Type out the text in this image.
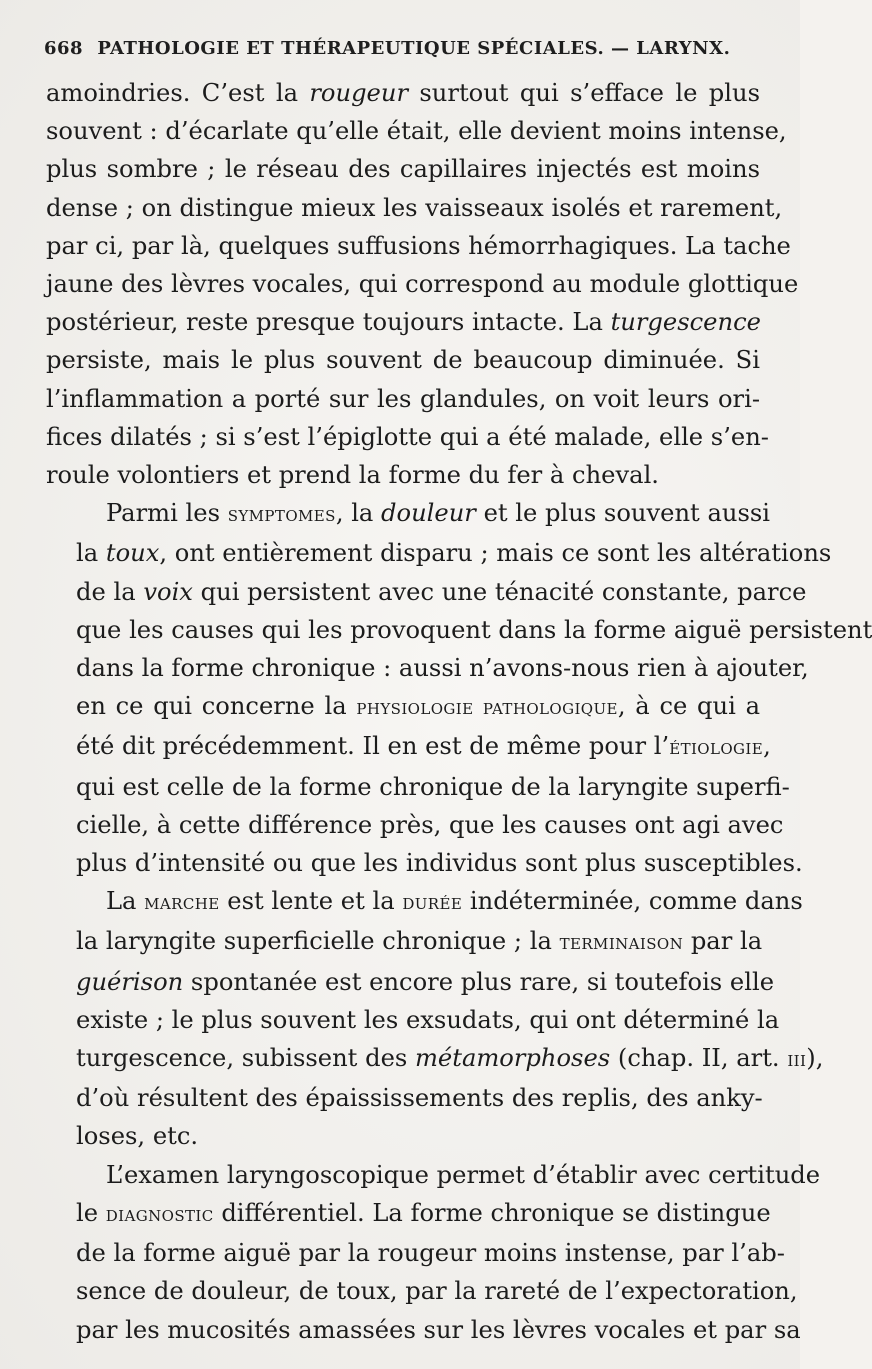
668 PATHOLOGIE ET THÉRAPEUTIQUE SPÉCIALES. — LARYNX.

amoindries. C’est la rougeur surtout qui s’efface le plus
souvent : d’écarlate qu’elle était, elle devient moins intense,
plus sombre ; le réseau des capillaires injectés est moins
dense ; on distingue mieux les vaisseaux isolés et rarement,
par ci, par là, quelques suffusions hémorrhagiques. La tache
jaune des lèvres vocales, qui correspond au module glottique
postérieur, reste presque toujours intacte. La turgescence
persiste, mais le plus souvent de beaucoup diminuée. Si
l’inflammation a porté sur les glandules, on voit leurs ori-
fices dilatés ; si s’est l’épiglotte qui a été malade, elle s’en-
roule volontiers et prend la forme du fer à cheval.

Parmi les symptomes, la douleur et le plus souvent aussi
la toux, ont entièrement disparu ; mais ce sont les altérations
de la voix qui persistent avec une ténacité constante, parce
que les causes qui les provoquent dans la forme aiguë persistent
dans la forme chronique : aussi n’avons-nous rien à ajouter,
en ce qui concerne la physiologie pathologique, à ce qui a
été dit précédemment. Il en est de même pour l’étiologie,
qui est celle de la forme chronique de la laryngite superfi-
cielle, à cette différence près, que les causes ont agi avec
plus d’intensité ou que les individus sont plus susceptibles.

La marche est lente et la durée indéterminée, comme dans
la laryngite superficielle chronique ; la terminaison par la
guérison spontanée est encore plus rare, si toutefois elle
existe ; le plus souvent les exsudats, qui ont déterminé la
turgescence, subissent des métamorphoses (chap. II, art. iii),
d’où résultent des épaississements des replis, des anky-
loses, etc.

L’examen laryngoscopique permet d’établir avec certitude
le diagnostic différentiel. La forme chronique se distingue
de la forme aiguë par la rougeur moins instense, par l’ab-
sence de douleur, de toux, par la rareté de l’expectoration,
par les mucosités amassées sur les lèvres vocales et par sa
